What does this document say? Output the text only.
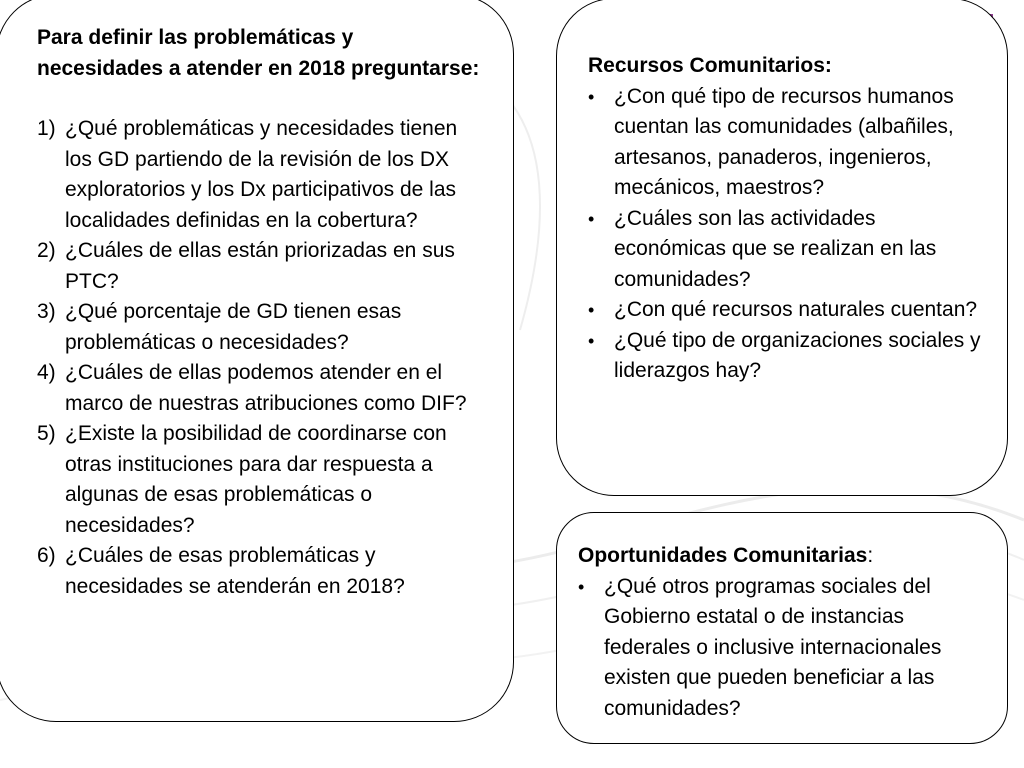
Para definir las problemáticas y necesidades a atender en 2018 preguntarse:

1) ¿Qué problemáticas y necesidades tienen los GD partiendo de la revisión de los DX exploratorios y los Dx participativos de las localidades definidas en la cobertura?
2) ¿Cuáles de ellas están priorizadas en sus PTC?
3) ¿Qué porcentaje de GD tienen esas problemáticas o necesidades?
4) ¿Cuáles de ellas podemos atender en el marco de nuestras atribuciones como DIF?
5) ¿Existe la posibilidad de coordinarse con otras instituciones para dar respuesta a algunas de esas problemáticas o necesidades?
6) ¿Cuáles de esas problemáticas y necesidades se atenderán en 2018?

Recursos Comunitarios:

• ¿Con qué tipo de recursos humanos cuentan las comunidades (albañiles, artesanos, panaderos, ingenieros, mecánicos, maestros?
• ¿Cuáles son las actividades económicas que se realizan en las comunidades?
• ¿Con qué recursos naturales cuentan?
• ¿Qué tipo de organizaciones sociales y liderazgos hay?

Oportunidades Comunitarias:

• ¿Qué otros programas sociales del Gobierno estatal o de instancias federales o inclusive internacionales existen que pueden beneficiar a las comunidades?
